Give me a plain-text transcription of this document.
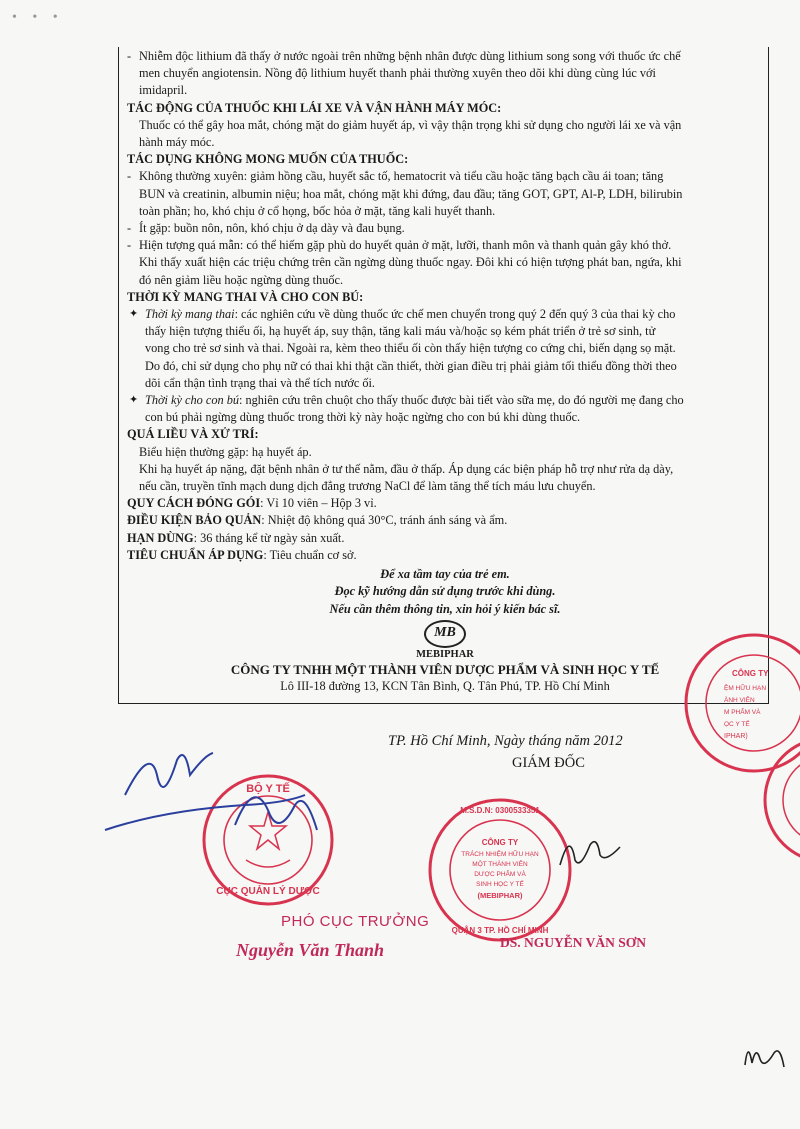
• • •
- Nhiễm độc lithium đã thấy ở nước ngoài trên những bệnh nhân được dùng lithium song song với thuốc ức chế

men chuyển angiotensin. Nồng độ lithium huyết thanh phải thường xuyên theo dõi khi dùng cùng lúc với

imidapril.

TÁC ĐỘNG CỦA THUỐC KHI LÁI XE VÀ VẬN HÀNH MÁY MÓC:

Thuốc có thể gây hoa mắt, chóng mặt do giảm huyết áp, vì vậy thận trọng khi sử dụng cho người lái xe và vận

hành máy móc.

TÁC DỤNG KHÔNG MONG MUỐN CỦA THUỐC:

- Không thường xuyên: giảm hồng cầu, huyết sắc tố, hematocrit và tiểu cầu hoặc tăng bạch cầu ái toan; tăng

BUN và creatinin, albumin niệu; hoa mắt, chóng mặt khi đứng, đau đầu; tăng GOT, GPT, Al-P, LDH, bilirubin

toàn phần; ho, khó chịu ở cổ họng, bốc hỏa ở mặt, tăng kali huyết thanh.

- Ít gặp: buồn nôn, nôn, khó chịu ở dạ dày và đau bụng.

- Hiện tượng quá mẫn: có thể hiếm gặp phù do huyết quản ở mặt, lưỡi, thanh môn và thanh quản gây khó thở.

Khi thấy xuất hiện các triệu chứng trên cần ngừng dùng thuốc ngay. Đôi khi có hiện tượng phát ban, ngứa, khi

đó nên giảm liều hoặc ngừng dùng thuốc.

THỜI KỲ MANG THAI VÀ CHO CON BÚ:

✦ Thời kỳ mang thai: các nghiên cứu về dùng thuốc ức chế men chuyển trong quý 2 đến quý 3 của thai kỳ cho

thấy hiện tượng thiểu ối, hạ huyết áp, suy thận, tăng kali máu và/hoặc sọ kém phát triển ở trẻ sơ sinh, tử

vong cho trẻ sơ sinh và thai. Ngoài ra, kèm theo thiểu ối còn thấy hiện tượng co cứng chi, biến dạng sọ mặt.

Do đó, chỉ sử dụng cho phụ nữ có thai khi thật cần thiết, thời gian điều trị phải giảm tối thiểu đồng thời theo

dõi cẩn thận tình trạng thai và thể tích nước ối.

✦ Thời kỳ cho con bú: nghiên cứu trên chuột cho thấy thuốc được bài tiết vào sữa mẹ, do đó người mẹ đang cho

con bú phải ngừng dùng thuốc trong thời kỳ này hoặc ngừng cho con bú khi dùng thuốc.

QUÁ LIỀU VÀ XỬ TRÍ:

Biểu hiện thường gặp: hạ huyết áp.

Khi hạ huyết áp nặng, đặt bệnh nhân ở tư thế nằm, đầu ở thấp. Áp dụng các biện pháp hỗ trợ như rửa dạ dày,

nếu cần, truyền tĩnh mạch dung dịch đẳng trương NaCl để làm tăng thể tích máu lưu chuyển.

QUY CÁCH ĐÓNG GÓI: Vỉ 10 viên – Hộp 3 vỉ.

ĐIỀU KIỆN BẢO QUẢN: Nhiệt độ không quá 30°C, tránh ánh sáng và ẩm.

HẠN DÙNG: 36 tháng kể từ ngày sản xuất.

TIÊU CHUẨN ÁP DỤNG: Tiêu chuẩn cơ sở.

Để xa tầm tay của trẻ em.

Đọc kỹ hướng dẫn sử dụng trước khi dùng.

Nếu cần thêm thông tin, xin hỏi ý kiến bác sĩ.

MB

MEBIPHAR

CÔNG TY TNHH MỘT THÀNH VIÊN DƯỢC PHẨM VÀ SINH HỌC Y TẾ

Lô III-18 đường 13, KCN Tân Bình, Q. Tân Phú, TP. Hồ Chí Minh

TP. Hồ Chí Minh, Ngày tháng năm 2012
GIÁM ĐỐC
BỘ Y TẾ
CỤC QUẢN LÝ DƯỢC
CÔNG TY
TRÁCH NHIỆM HỮU HẠN
MỘT THÀNH VIÊN
DƯỢC PHẨM VÀ
SINH HỌC Y TẾ
(MEBIPHAR)
M.S.D.N: 0300533351
QUẬN 3 TP. HỒ CHÍ MINH
CÔNG TY
ỆM HỮU HẠN
ÀNH VIÊN
M PHẨM VÀ
ỌC Y TẾ
IPHAR)
PHÓ CỤC TRƯỞNG
Nguyễn Văn Thanh	DS. NGUYỄN VĂN SƠN
